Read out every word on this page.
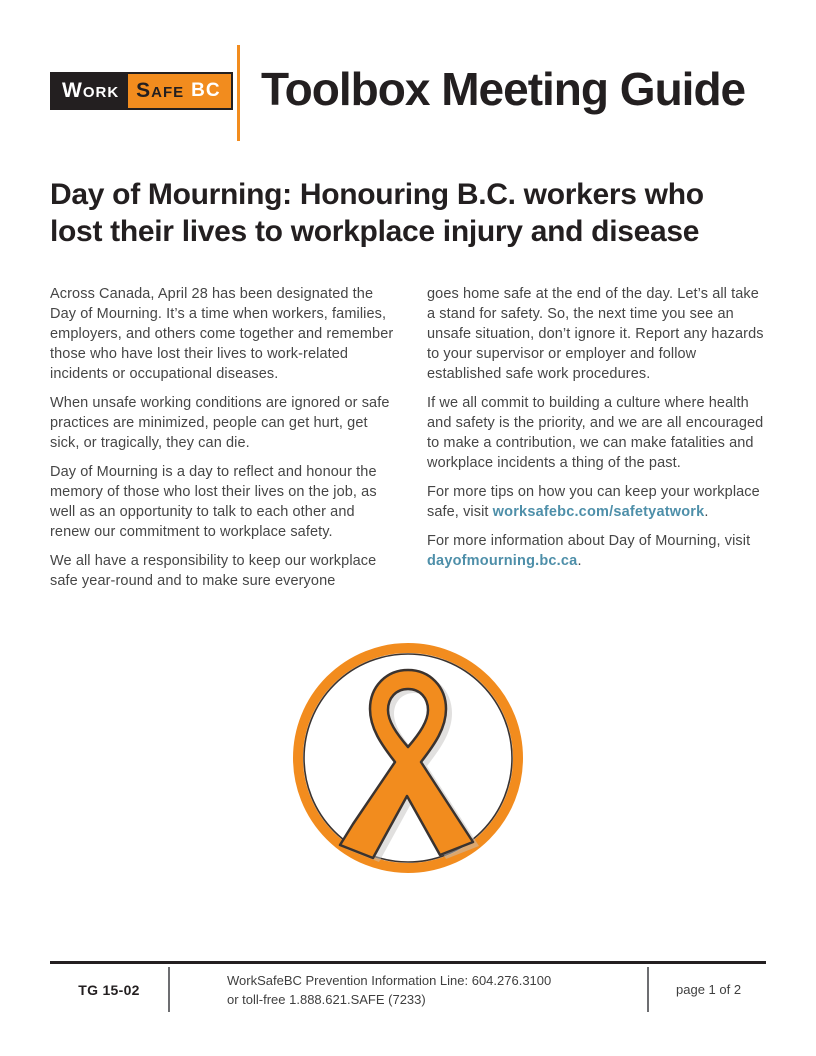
Work Safe BC Toolbox Meeting Guide
Day of Mourning: Honouring B.C. workers who
lost their lives to workplace injury and disease

Across Canada, April 28 has been designated the Day of Mourning. It’s a time when workers, families, employers, and others come together and remember those who have lost their lives to work-related incidents or occupational diseases.

When unsafe working conditions are ignored or safe practices are minimized, people can get hurt, get sick, or tragically, they can die.

Day of Mourning is a day to reflect and honour the memory of those who lost their lives on the job, as well as an opportunity to talk to each other and renew our commitment to workplace safety.

We all have a responsibility to keep our workplace safe year-round and to make sure everyone

goes home safe at the end of the day. Let’s all take a stand for safety. So, the next time you see an unsafe situation, don’t ignore it. Report any hazards to your supervisor or employer and follow established safe work procedures.

If we all commit to building a culture where health and safety is the priority, and we are all encouraged to make a contribution, we can make fatalities and workplace incidents a thing of the past.

For more tips on how you can keep your workplace safe, visit worksafebc.com/safetyatwork.

For more information about Day of Mourning, visit dayofmourning.bc.ca.

TG 15-02
WorkSafeBC Prevention Information Line: 604.276.3100
or toll-free 1.888.621.SAFE (7233)
page 1 of 2
